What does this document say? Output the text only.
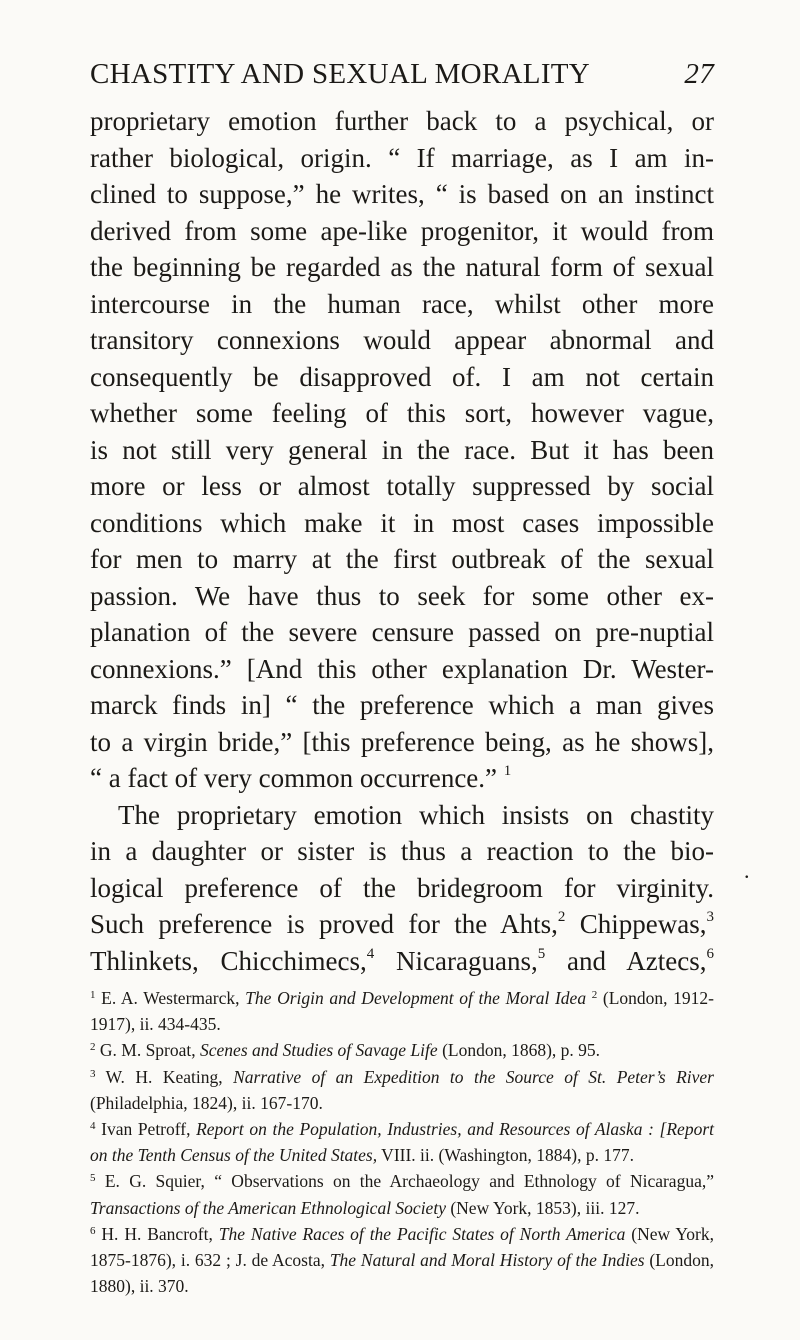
CHASTITY AND SEXUAL MORALITY	27
proprietary emotion further back to a psychical, or
rather biological, origin. “ If marriage, as I am in-
clined to suppose,” he writes, “ is based on an instinct
derived from some ape-like progenitor, it would from
the beginning be regarded as the natural form of sexual
intercourse in the human race, whilst other more
transitory connexions would appear abnormal and
consequently be disapproved of. I am not certain
whether some feeling of this sort, however vague,
is not still very general in the race. But it has been
more or less or almost totally suppressed by social
conditions which make it in most cases impossible
for men to marry at the first outbreak of the sexual
passion. We have thus to seek for some other ex-
planation of the severe censure passed on pre-nuptial
connexions.” [And this other explanation Dr. Wester-
marck finds in] “ the preference which a man gives
to a virgin bride,” [this preference being, as he shows],
“ a fact of very common occurrence.” $^1$
The proprietary emotion which insists on chastity
in a daughter or sister is thus a reaction to the bio-
logical preference of the bridegroom for virginity.
Such preference is proved for the Ahts,$^2$ Chippewas,$^3$
Thlinkets, Chicchimecs,$^4$ Nicaraguans,$^5$ and Aztecs,$^6$
.
$^1$ E. A. Westermarck, The Origin and Development of the Moral Idea $^2$ (London, 1912-1917), ii. 434-435.
$^2$ G. M. Sproat, Scenes and Studies of Savage Life (London, 1868), p. 95.
$^3$ W. H. Keating, Narrative of an Expedition to the Source of St. Peter’s River (Philadelphia, 1824), ii. 167-170.
$^4$ Ivan Petroff, Report on the Population, Industries, and Resources of Alaska : [Report on the Tenth Census of the United States, VIII. ii. (Washington, 1884), p. 177.
$^5$ E. G. Squier, “ Observations on the Archaeology and Ethnology of Nicaragua,” Transactions of the American Ethnological Society (New York, 1853), iii. 127.
$^6$ H. H. Bancroft, The Native Races of the Pacific States of North America (New York, 1875-1876), i. 632 ; J. de Acosta, The Natural and Moral History of the Indies (London, 1880), ii. 370.
